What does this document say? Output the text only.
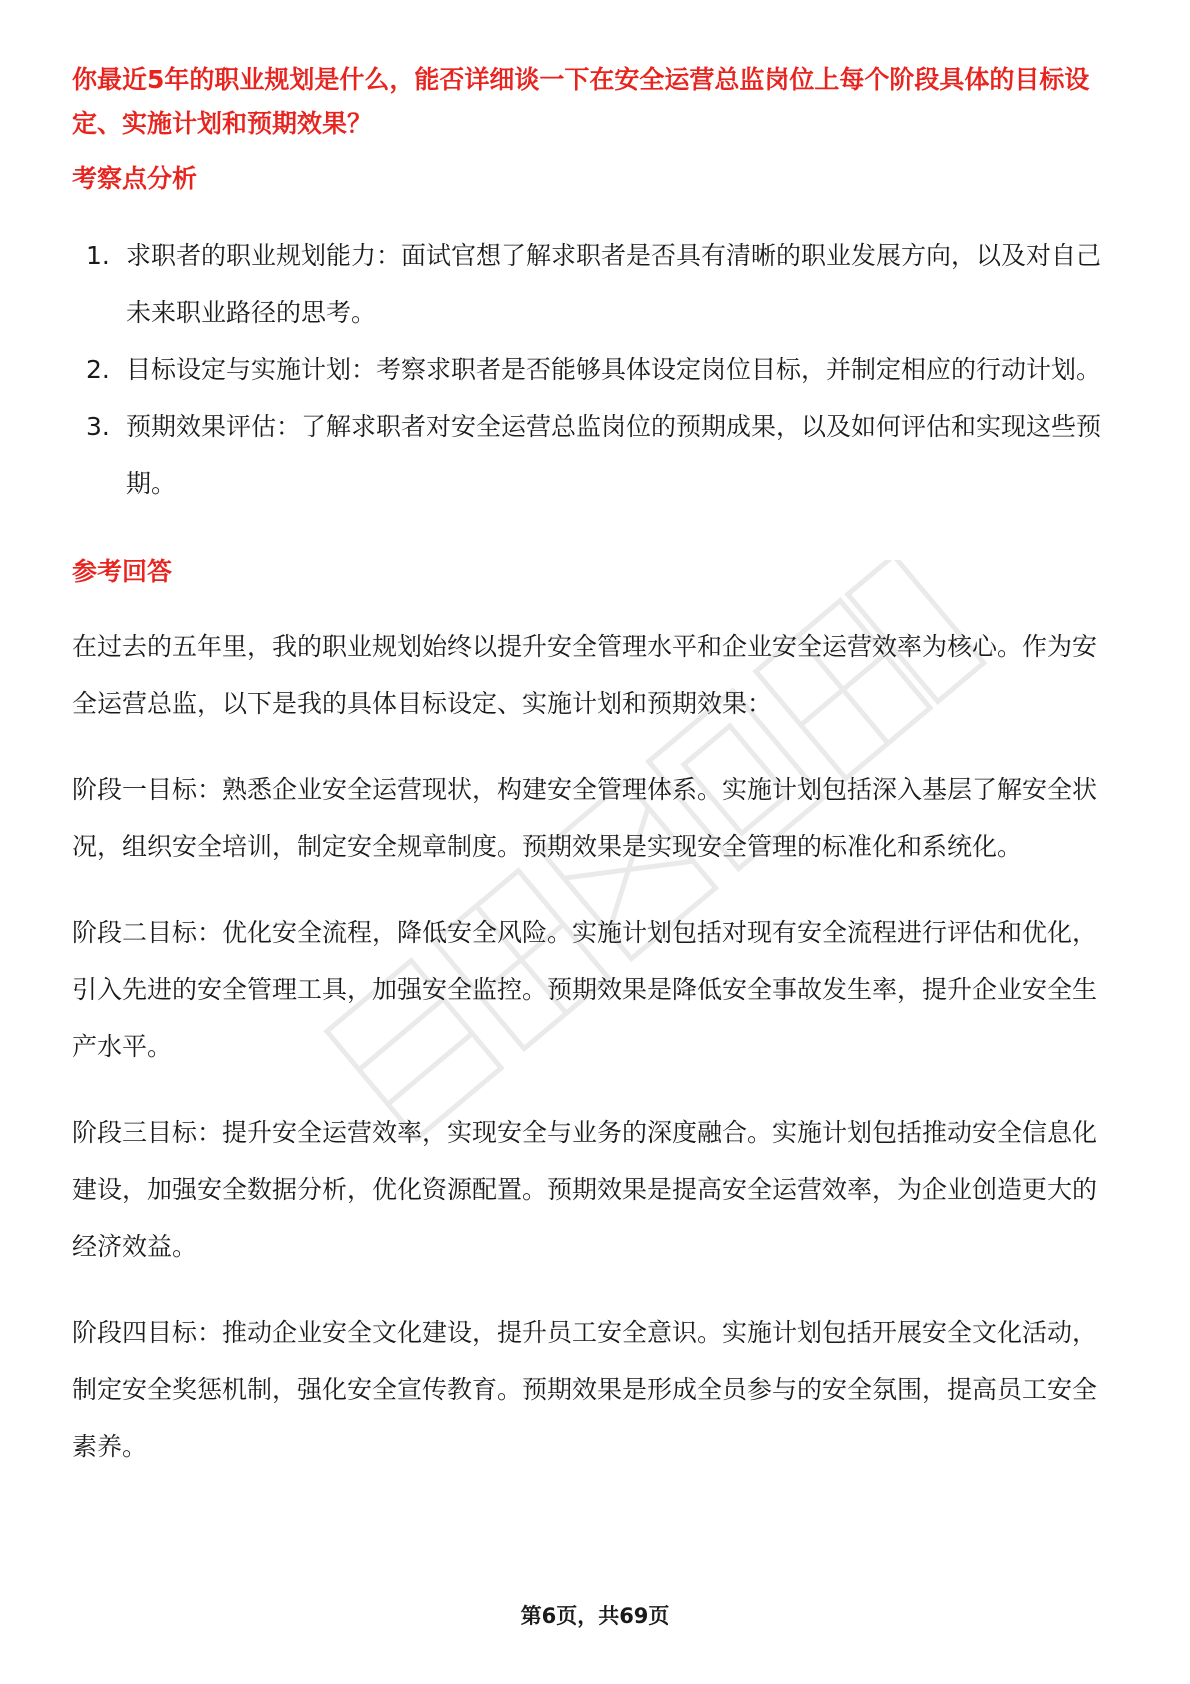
你最近5年的职业规划是什么，能否详细谈一下在安全运营总监岗位上每个阶段具体的目标设定、实施计划和预期效果？

考察点分析
1. 求职者的职业规划能力：面试官想了解求职者是否具有清晰的职业发展方向，以及对自己未来职业路径的思考。
2. 目标设定与实施计划：考察求职者是否能够具体设定岗位目标，并制定相应的行动计划。
3. 预期效果评估：了解求职者对安全运营总监岗位的预期成果，以及如何评估和实现这些预期。
参考回答

在过去的五年里，我的职业规划始终以提升安全管理水平和企业安全运营效率为核心。作为安全运营总监，以下是我的具体目标设定、实施计划和预期效果：

阶段一目标：熟悉企业安全运营现状，构建安全管理体系。实施计划包括深入基层了解安全状况，组织安全培训，制定安全规章制度。预期效果是实现安全管理的标准化和系统化。

阶段二目标：优化安全流程，降低安全风险。实施计划包括对现有安全流程进行评估和优化，引入先进的安全管理工具，加强安全监控。预期效果是降低安全事故发生率，提升企业安全生产水平。

阶段三目标：提升安全运营效率，实现安全与业务的深度融合。实施计划包括推动安全信息化建设，加强安全数据分析，优化资源配置。预期效果是提高安全运营效率，为企业创造更大的经济效益。

阶段四目标：推动企业安全文化建设，提升员工安全意识。实施计划包括开展安全文化活动，制定安全奖惩机制，强化安全宣传教育。预期效果是形成全员参与的安全氛围，提高员工安全素养。

第6页，共69页
